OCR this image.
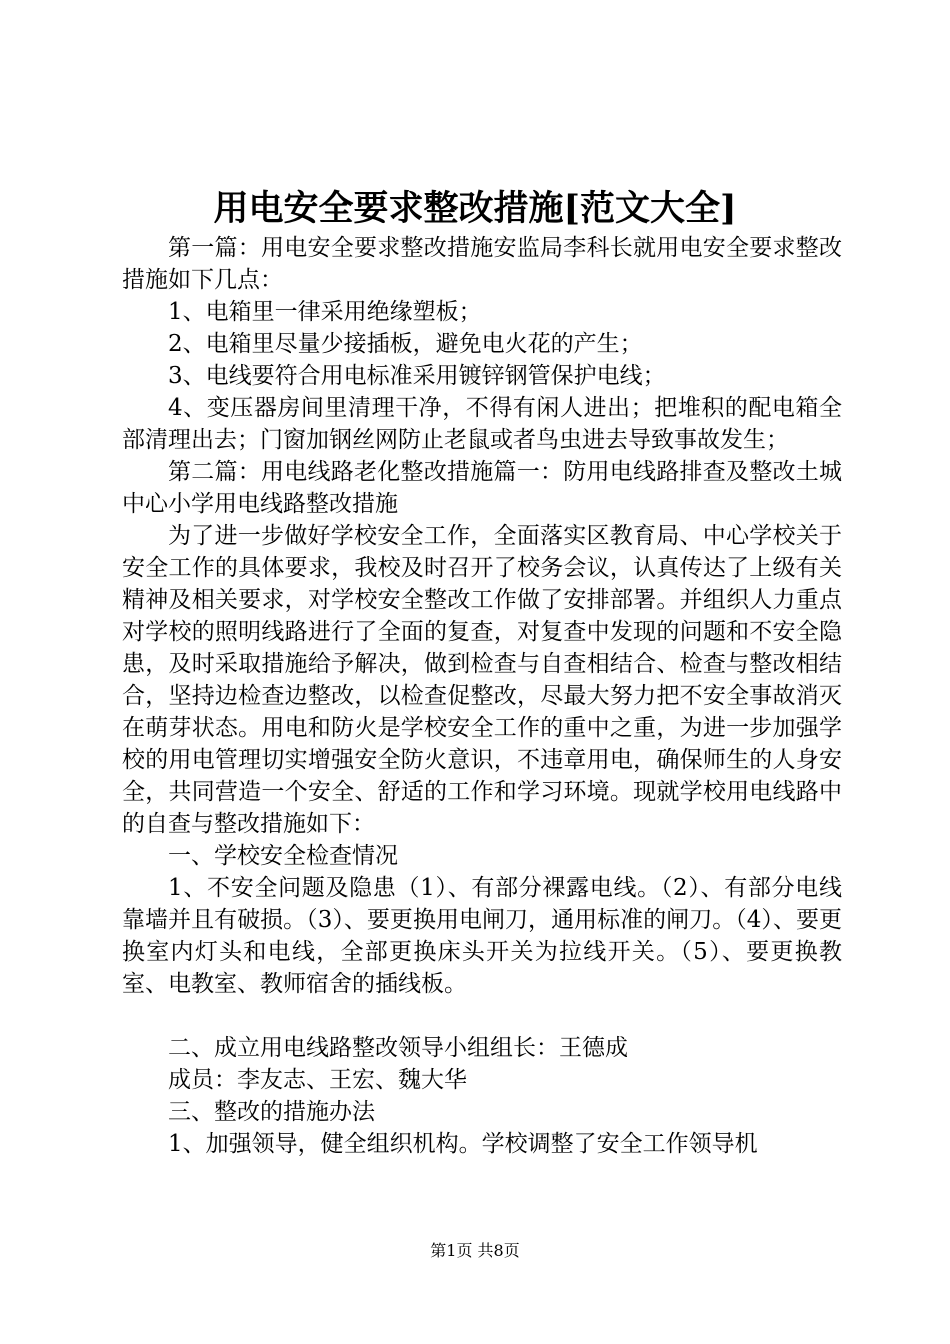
用电安全要求整改措施[范文大全]

第一篇：用电安全要求整改措施安监局李科长就用电安全要求整改措施如下几点：

1、电箱里一律采用绝缘塑板；

2、电箱里尽量少接插板，避免电火花的产生；

3、电线要符合用电标准采用镀锌钢管保护电线；

4、变压器房间里清理干净，不得有闲人进出；把堆积的配电箱全部清理出去；门窗加钢丝网防止老鼠或者鸟虫进去导致事故发生；

第二篇：用电线路老化整改措施篇一：防用电线路排查及整改土城中心小学用电线路整改措施

为了进一步做好学校安全工作，全面落实区教育局、中心学校关于安全工作的具体要求，我校及时召开了校务会议，认真传达了上级有关精神及相关要求，对学校安全整改工作做了安排部署。并组织人力重点对学校的照明线路进行了全面的复查，对复查中发现的问题和不安全隐患，及时采取措施给予解决，做到检查与自查相结合、检查与整改相结合，坚持边检查边整改，以检查促整改，尽最大努力把不安全事故消灭在萌芽状态。用电和防火是学校安全工作的重中之重，为进一步加强学校的用电管理切实增强安全防火意识，不违章用电，确保师生的人身安全，共同营造一个安全、舒适的工作和学习环境。现就学校用电线路中的自查与整改措施如下：

一、学校安全检查情况

1、不安全问题及隐患（1）、有部分裸露电线。（2）、有部分电线靠墙并且有破损。（3）、要更换用电闸刀，通用标准的闸刀。（4）、要更换室内灯头和电线，全部更换床头开关为拉线开关。（5）、要更换教室、电教室、教师宿舍的插线板。

二、成立用电线路整改领导小组组长：王德成

成员：李友志、王宏、魏大华

三、整改的措施办法

1、加强领导，健全组织机构。学校调整了安全工作领导机

第1页 共8页
